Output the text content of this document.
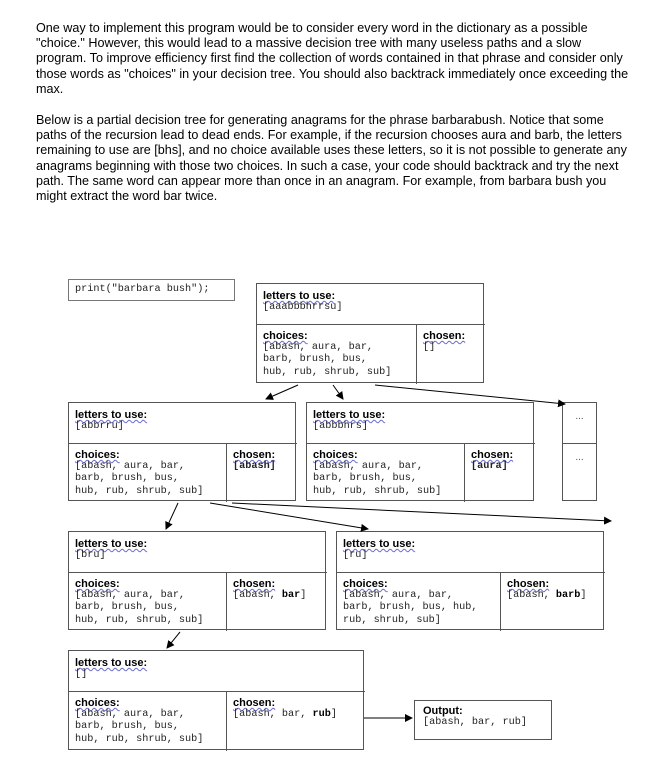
One way to implement this program would be to consider every word in the dictionary as a possible "choice." However, this would lead to a massive decision tree with many useless paths and a slow program. To improve efficiency first find the collection of words contained in that phrase and consider only those words as "choices" in your decision tree. You should also backtrack immediately once exceeding the max.

Below is a partial decision tree for generating anagrams for the phrase barbarabush. Notice that some paths of the recursion lead to dead ends. For example, if the recursion chooses aura and barb, the letters remaining to use are [bhs], and no choice available uses these letters, so it is not possible to generate any anagrams beginning with those two choices. In such a case, your code should backtrack and try the next path. The same word can appear more than once in an anagram. For example, from barbara bush you might extract the word bar twice.

print("barbara bush");
letters to use:
[aaabbbhrrsu]
choices:
[abash, aura, bar,
barb, brush, bus,
hub, rub, shrub, sub]
chosen:
[]
letters to use:
[abbrru]
choices:
[abash, aura, bar,
barb, brush, bus,
hub, rub, shrub, sub]
chosen:
[abash]
letters to use:
[abbbhrs]
choices:
[abash, aura, bar,
barb, brush, bus,
hub, rub, shrub, sub]
chosen:
[aura]
...
...
letters to use:
[bru]
choices:
[abash, aura, bar,
barb, brush, bus,
hub, rub, shrub, sub]
chosen:
[abash, bar]
letters to use:
[ru]
choices:
[abash, aura, bar,
barb, brush, bus, hub,
rub, shrub, sub]
chosen:
[abash, barb]
letters to use:
[]
choices:
[abash, aura, bar,
barb, brush, bus,
hub, rub, shrub, sub]
chosen:
[abash, bar, rub]	Output:
[abash, bar, rub]
